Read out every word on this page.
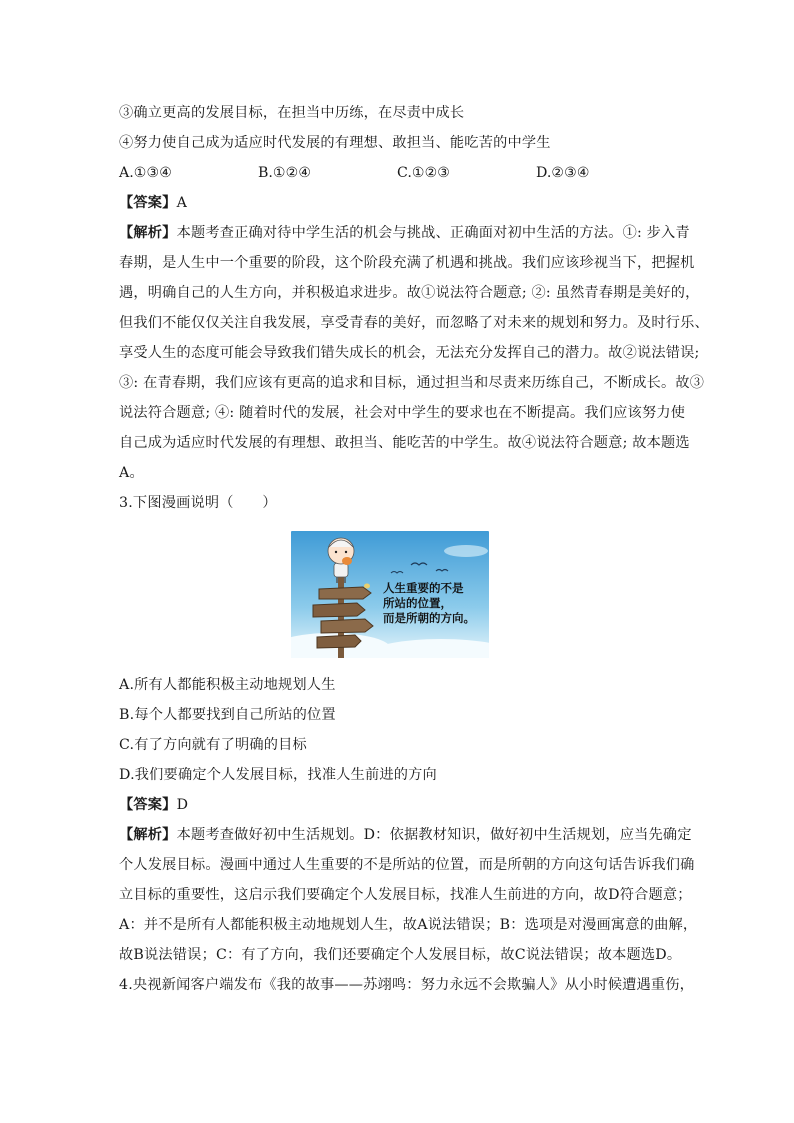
③确立更高的发展目标，在担当中历练，在尽责中成长
④努力使自己成为适应时代发展的有理想、敢担当、能吃苦的中学生
A.①③④	B.①②④	C.①②③	D.②③④
【答案】A
【解析】本题考查正确对待中学生活的机会与挑战、正确面对初中生活的方法。①: 步入青
春期，是人生中一个重要的阶段，这个阶段充满了机遇和挑战。我们应该珍视当下，把握机
遇，明确自己的人生方向，并积极追求进步。故①说法符合题意; ②: 虽然青春期是美好的，
但我们不能仅仅关注自我发展，享受青春的美好，而忽略了对未来的规划和努力。及时行乐、
享受人生的态度可能会导致我们错失成长的机会，无法充分发挥自己的潜力。故②说法错误;
③: 在青春期，我们应该有更高的追求和目标，通过担当和尽责来历练自己，不断成长。故③
说法符合题意; ④: 随着时代的发展，社会对中学生的要求也在不断提高。我们应该努力使
自己成为适应时代发展的有理想、敢担当、能吃苦的中学生。故④说法符合题意; 故本题选
A。
3.下图漫画说明（　　）
人生重要的不是
所站的位置，
而是所朝的方向。
A.所有人都能积极主动地规划人生
B.每个人都要找到自己所站的位置
C.有了方向就有了明确的目标
D.我们要确定个人发展目标，找准人生前进的方向
【答案】D
【解析】本题考查做好初中生活规划。D：依据教材知识，做好初中生活规划，应当先确定
个人发展目标。漫画中通过人生重要的不是所站的位置，而是所朝的方向这句话告诉我们确
立目标的重要性，这启示我们要确定个人发展目标，找准人生前进的方向，故D符合题意；
A：并不是所有人都能积极主动地规划人生，故A说法错误；B：选项是对漫画寓意的曲解，
故B说法错误；C：有了方向，我们还要确定个人发展目标，故C说法错误；故本题选D。
4.央视新闻客户端发布《我的故事——苏翊鸣：努力永远不会欺骗人》从小时候遭遇重伤，
